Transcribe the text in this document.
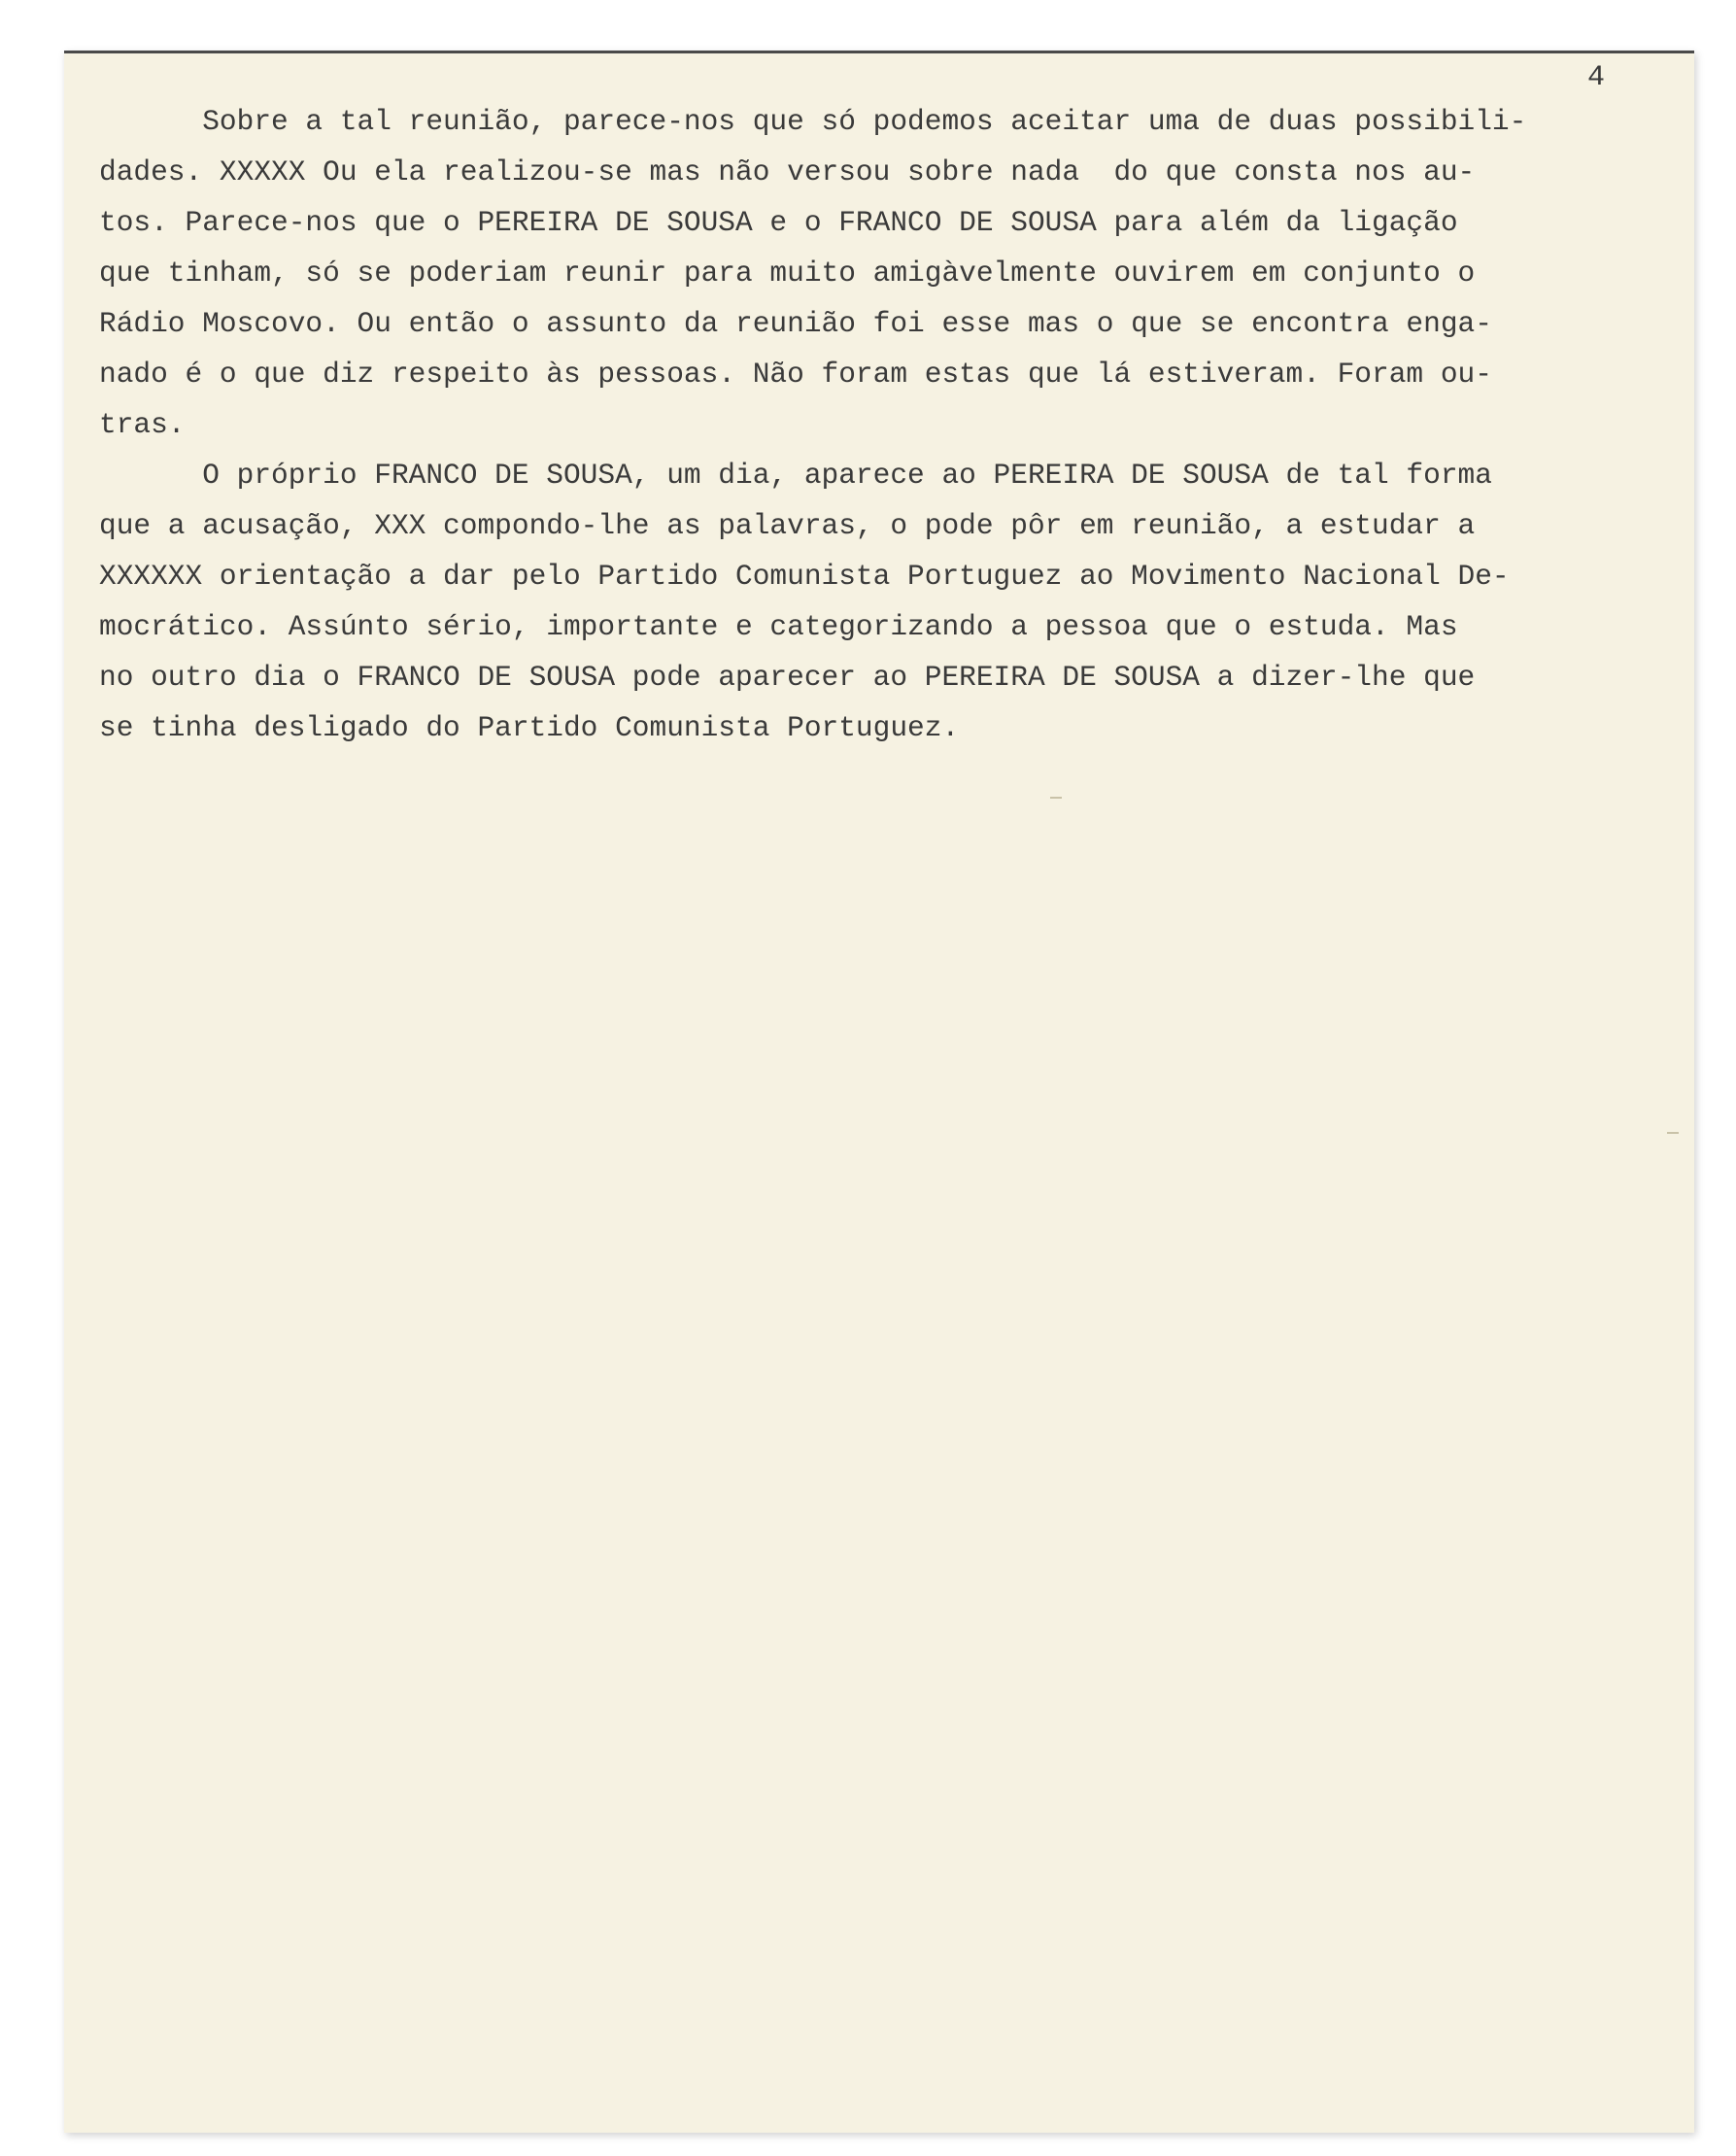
4
Sobre a tal reunião, parece-nos que só podemos aceitar uma de duas possibili-
dades. XXXXX Ou ela realizou-se mas não versou sobre nada  do que consta nos au-
tos. Parece-nos que o PEREIRA DE SOUSA e o FRANCO DE SOUSA para além da ligação
que tinham, só se poderiam reunir para muito amigàvelmente ouvirem em conjunto o
Rádio Moscovo. Ou então o assunto da reunião foi esse mas o que se encontra enga-
nado é o que diz respeito às pessoas. Não foram estas que lá estiveram. Foram ou-
tras.
O próprio FRANCO DE SOUSA, um dia, aparece ao PEREIRA DE SOUSA de tal forma
que a acusação, XXX compondo-lhe as palavras, o pode pôr em reunião, a estudar a
XXXXXX orientação a dar pelo Partido Comunista Portuguez ao Movimento Nacional De-
mocrático. Assúnto sério, importante e categorizando a pessoa que o estuda. Mas
no outro dia o FRANCO DE SOUSA pode aparecer ao PEREIRA DE SOUSA a dizer-lhe que
se tinha desligado do Partido Comunista Portuguez.
